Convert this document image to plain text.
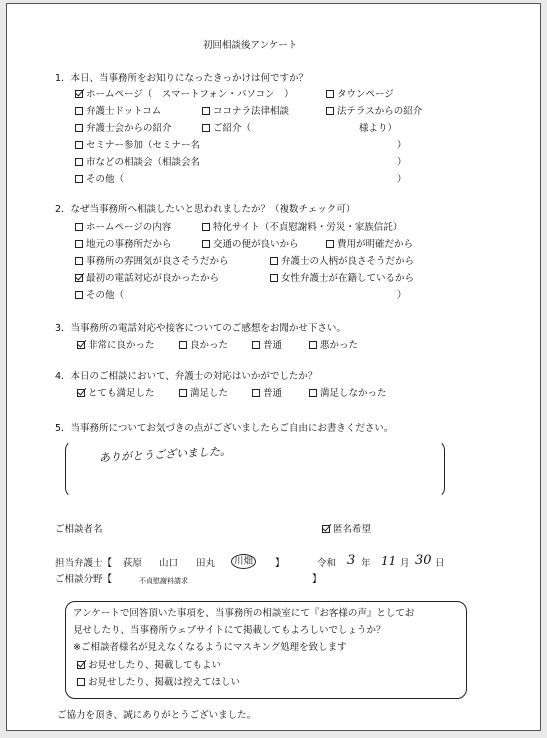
初回相談後アンケート
1．本日、当事務所をお知りになったきっかけは何ですか？
ホームページ（　スマートフォン・パソコン　）	タウンページ
弁護士ドットコム	ココナラ法律相談	法テラスからの紹介
弁護士会からの紹介	ご紹介（	様より）
セミナー参加（セミナー名	）
市などの相談会（相談会名	）
その他（	）
2．なぜ当事務所へ相談したいと思われましたか？（複数チェック可）
ホームページの内容	特化サイト（不貞慰謝料・労災・家族信託）
地元の事務所だから	交通の便が良いから	費用が明確だから
事務所の雰囲気が良さそうだから	弁護士の人柄が良さそうだから
最初の電話対応が良かったから	女性弁護士が在籍しているから
その他（	）
3．当事務所の電話対応や接客についてのご感想をお聞かせ下さい。
非常に良かった	良かった	普通	悪かった
4．本日のご相談において、弁護士の対応はいかがでしたか？
とても満足した	満足した	普通	満足しなかった
5．当事務所についてお気づきの点がございましたらご自由にお書きください。
ありがとうございました。
ご相談者名	匿名希望
担当弁護士【 荻原 山口 田丸	川畑	】	令和 3 年 11 月 30 日
ご相談分野【	不貞慰謝料請求	】
アンケートで回答頂いた事項を、当事務所の相談室にて『お客様の声』としてお
見せしたり、当事務所ウェブサイトにて掲載してもよろしいでしょうか？
※ご相談者様名が見えなくなるようにマスキング処理を致します
お見せしたり、掲載してもよい
お見せしたり、掲載は控えてほしい
ご協力を頂き、誠にありがとうございました。
